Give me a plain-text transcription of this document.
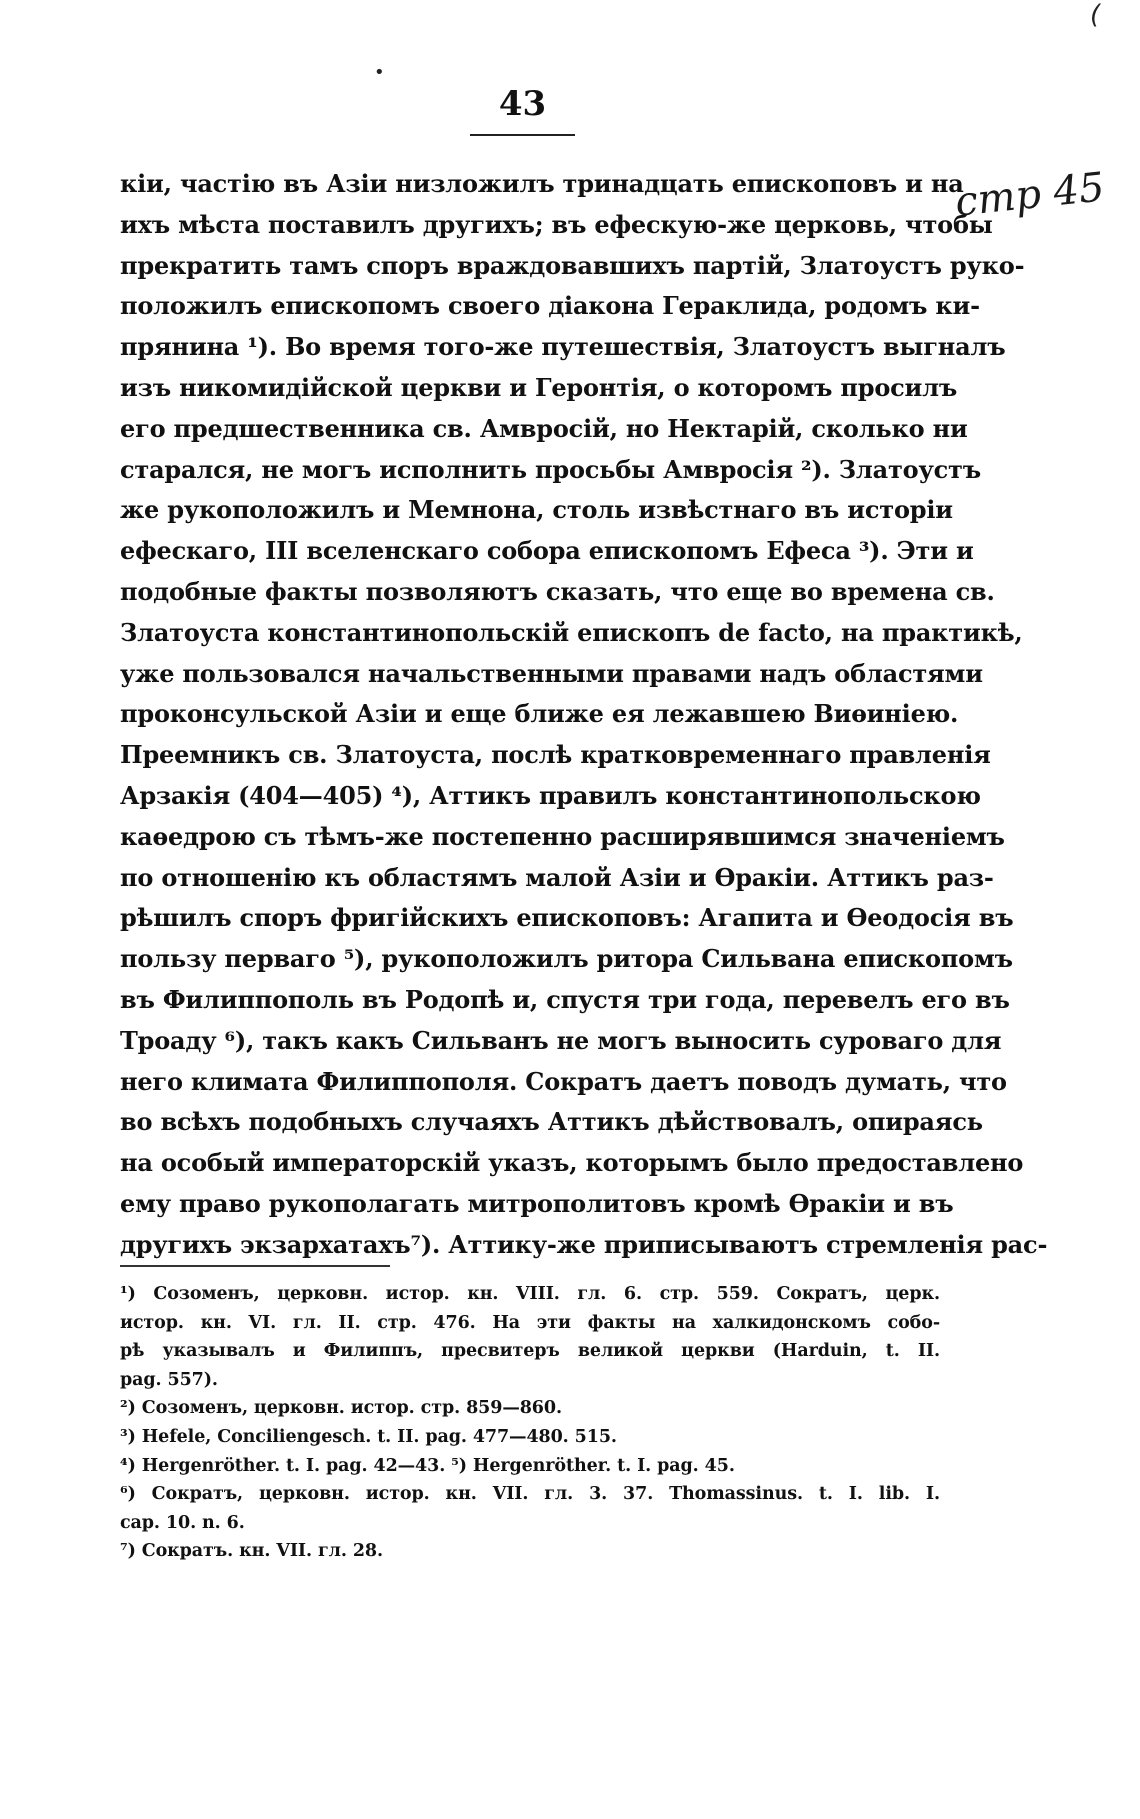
(
•
43
стр 45
кіи, частію въ Азіи низложилъ тринадцать епископовъ и на
ихъ мѣста поставилъ другихъ; въ ефескую-же церковь, чтобы
прекратить тамъ споръ враждовавшихъ партій, Златоустъ руко-
положилъ епископомъ своего діакона Гераклида, родомъ ки-
прянина ¹). Во время того-же путешествія, Златоустъ выгналъ
изъ никомидійской церкви и Геронтія, о которомъ просилъ
его предшественника св. Амвросій, но Нектарій, сколько ни
старался, не могъ исполнить просьбы Амвросія ²). Златоустъ
же рукоположилъ и Мемнона, столь извѣстнаго въ исторіи
ефескаго, III вселенскаго собора епископомъ Ефеса ³). Эти и
подобные факты позволяютъ сказать, что еще во времена св.
Златоуста константинопольскій епископъ de facto, на практикѣ,
уже пользовался начальственными правами надъ областями
проконсульской Азіи и еще ближе ея лежавшею Виѳиніею.
Преемникъ св. Златоуста, послѣ кратковременнаго правленія
Арзакія (404—405) ⁴), Аттикъ правилъ константинопольскою
каѳедрою съ тѣмъ-же постепенно расширявшимся значеніемъ
по отношенію къ областямъ малой Азіи и Ѳракіи. Аттикъ раз-
рѣшилъ споръ фригійскихъ епископовъ: Агапита и Ѳеодосія въ
пользу перваго ⁵), рукоположилъ ритора Сильвана епископомъ
въ Филиппополь въ Родопѣ и, спустя три года, перевелъ его въ
Троаду ⁶), такъ какъ Сильванъ не могъ выносить суроваго для
него климата Филиппополя. Сократъ даетъ поводъ думать, что
во всѣхъ подобныхъ случаяхъ Аттикъ дѣйствовалъ, опираясь
на особый императорскій указъ, которымъ было предоставлено
ему право рукополагать митрополитовъ кромѣ Ѳракіи и въ
другихъ экзархатахъ⁷). Аттику-же приписываютъ стремленія рас-
¹) Созоменъ, церковн. истор. кн. VIII. гл. 6. стр. 559. Сократъ, церк.
истор. кн. VI. гл. II. стр. 476. На эти факты на халкидонскомъ собо-
рѣ указывалъ и Филиппъ, пресвитеръ великой церкви (Harduin, t. II.
pag. 557).
²) Созоменъ, церковн. истор. стр. 859—860.
³) Hefele, Conciliengesch. t. II. pag. 477—480. 515.
⁴) Hergenröther. t. I. pag. 42—43. ⁵) Hergenröther. t. I. pag. 45.
⁶) Сократъ, церковн. истор. кн. VII. гл. 3. 37. Thomassinus. t. I. lib. I.
cap. 10. n. 6.
⁷) Сократъ. кн. VII. гл. 28.
